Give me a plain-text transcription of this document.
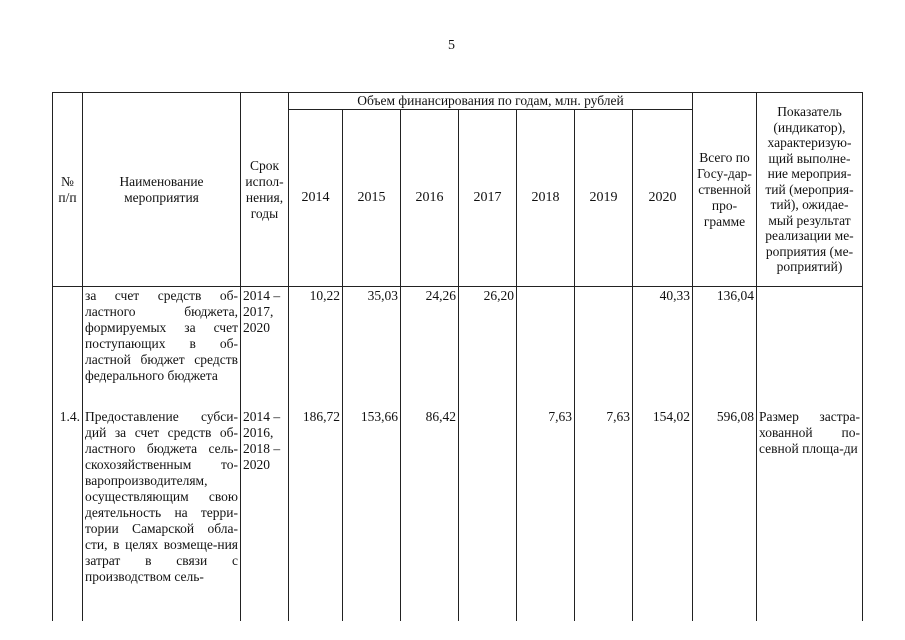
5
№ п/п	Наименование мероприятия	Срок испол-нения, годы	Объем финансирования по годам, млн. рублей							Всего по Госу-дар-ственной про-грамме	Показатель (индикатор), характеризую-щий выполне-ние мероприя-тий (мероприя-тий), ожидае-мый результат реализации ме-роприятия (ме-роприятий)
			2014	2015	2016	2017	2018	2019	2020		
	за счет средств об-ластного бюджета, формируемых за счет поступающих в об-ластной бюджет средств федерального бюджета	2014 – 2017, 2020	10,22	35,03	24,26	26,20			40,33	136,04	
1.4.	Предоставление субси-дий за счет средств об-ластного бюджета сель-скохозяйственным то-варопроизводителям, осуществляющим свою деятельность на терри-тории Самарской обла-сти, в целях возмеще-ния затрат в связи с производством сель-	2014 – 2016, 2018 – 2020	186,72	153,66	86,42		7,63	7,63	154,02	596,08	Размер застра-хованной по-севной площа-ди
